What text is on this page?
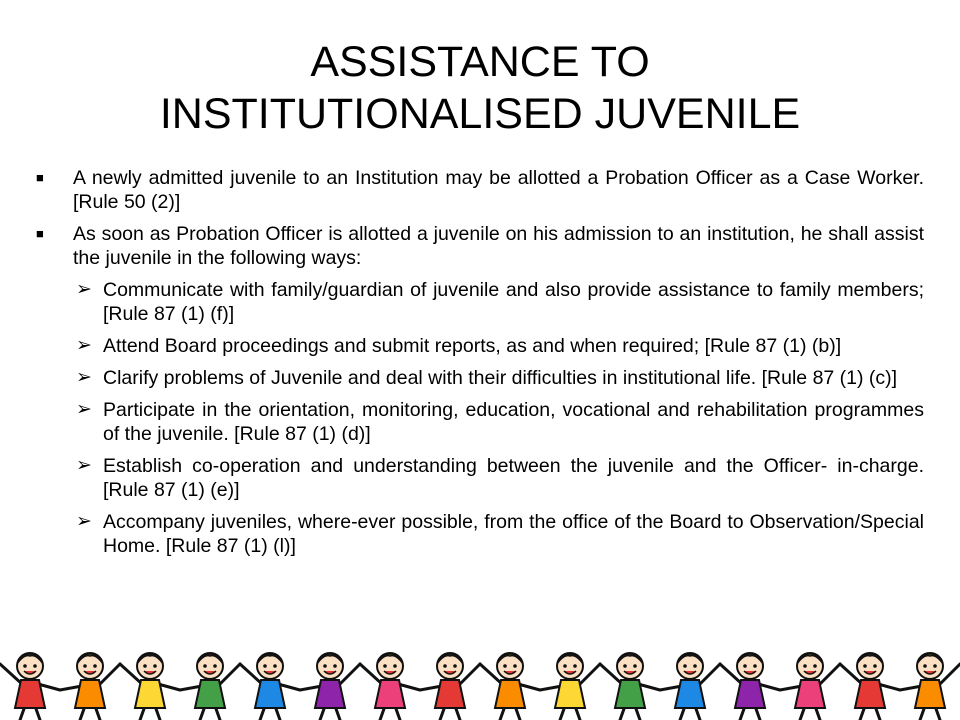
ASSISTANCE TO
INSTITUTIONALISED JUVENILE
■ A newly admitted juvenile to an Institution may be allotted a Probation Officer as a Case Worker. [Rule 50 (2)]
■ As soon as Probation Officer is allotted a juvenile on his admission to an institution, he shall assist the juvenile in the following ways:
➢ Communicate with family/guardian of juvenile and also provide assistance to family members; [Rule 87 (1) (f)]
➢ Attend Board proceedings and submit reports, as and when required; [Rule 87 (1) (b)]
➢ Clarify problems of Juvenile and deal with their difficulties in institutional life. [Rule 87 (1) (c)]
➢ Participate in the orientation, monitoring, education, vocational and rehabilitation programmes of the juvenile. [Rule 87 (1) (d)]
➢ Establish co-operation and understanding between the juvenile and the Officer- in-charge. [Rule 87 (1) (e)]
➢ Accompany juveniles, where-ever possible, from the office of the Board to Observation/Special Home. [Rule 87 (1) (l)]
